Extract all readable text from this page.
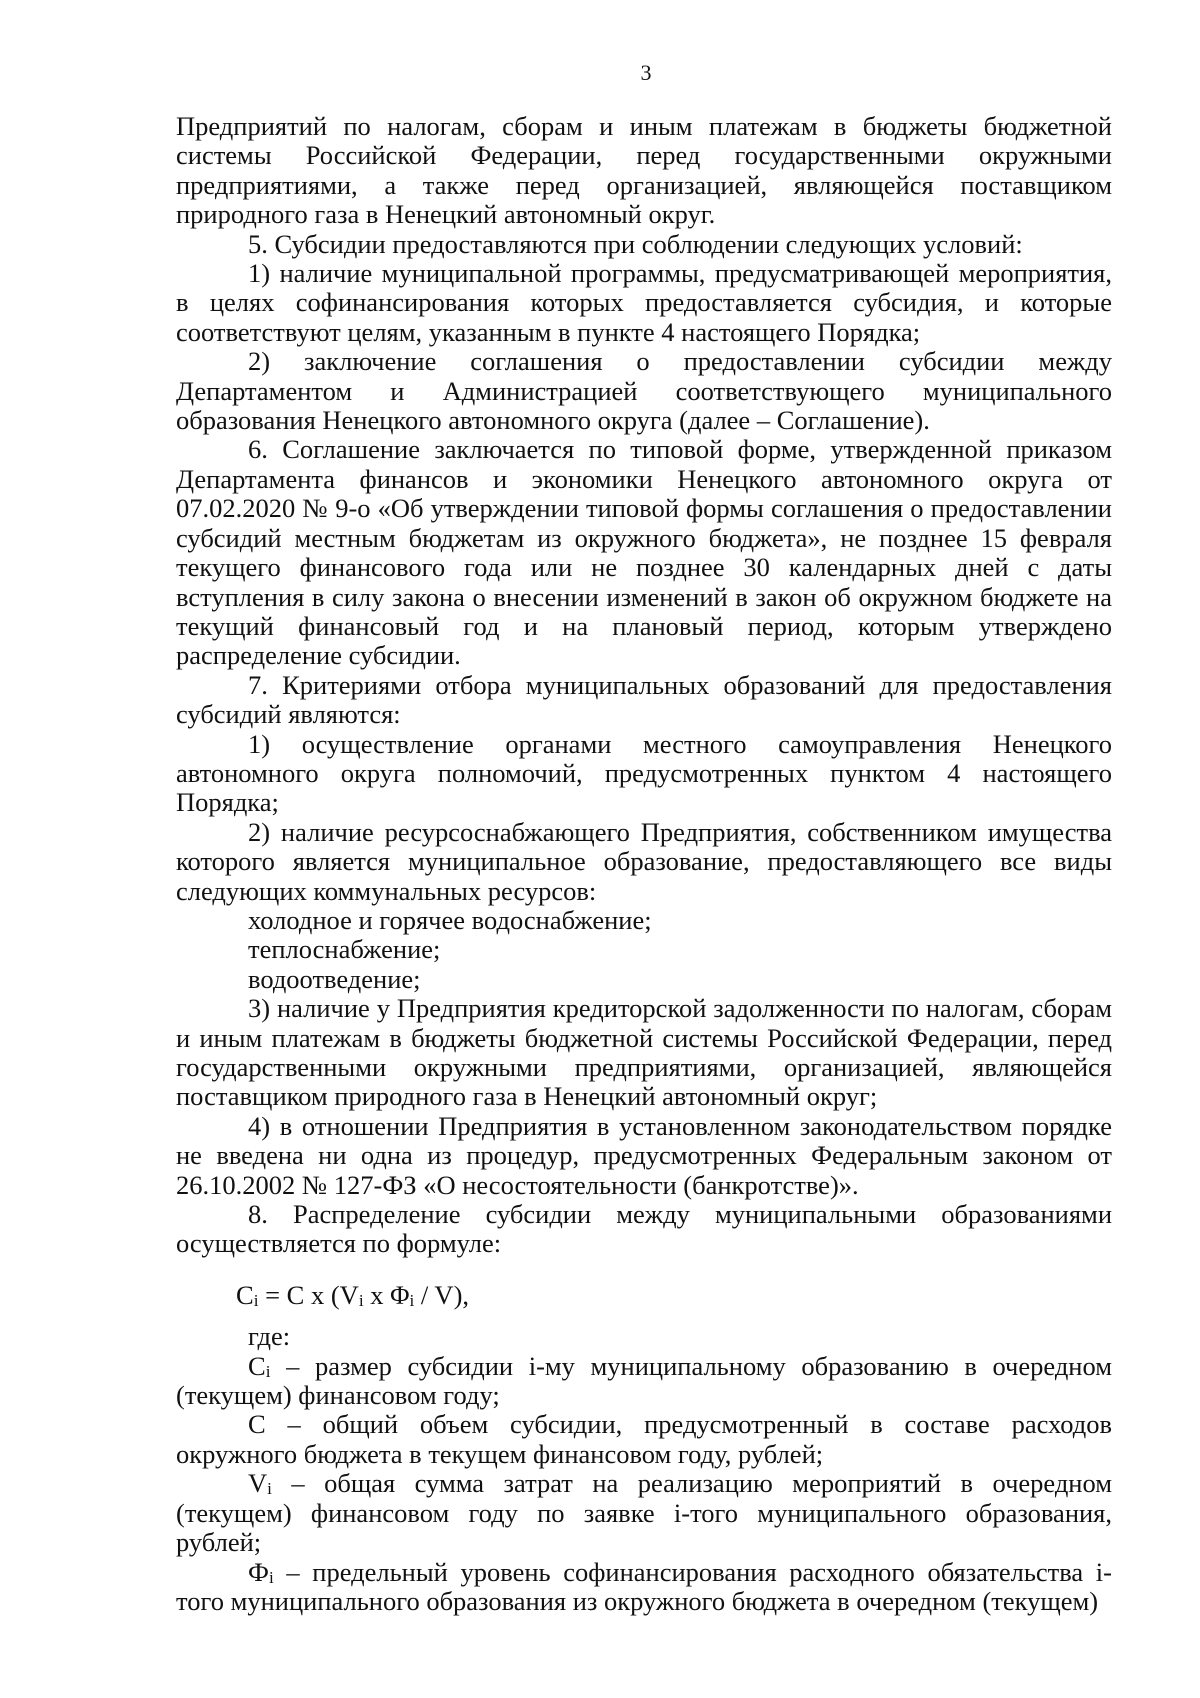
3

Предприятий по налогам, сборам и иным платежам в бюджеты бюджетной системы Российской Федерации, перед государственными окружными предприятиями, а также перед организацией, являющейся поставщиком природного газа в Ненецкий автономный округ.

5. Субсидии предоставляются при соблюдении следующих условий:

1) наличие муниципальной программы, предусматривающей мероприятия, в целях софинансирования которых предоставляется субсидия, и которые соответствуют целям, указанным в пункте 4 настоящего Порядка;

2) заключение соглашения о предоставлении субсидии между Департаментом и Администрацией соответствующего муниципального образования Ненецкого автономного округа (далее – Соглашение).

6. Соглашение заключается по типовой форме, утвержденной приказом Департамента финансов и экономики Ненецкого автономного округа от 07.02.2020 № 9-о «Об утверждении типовой формы соглашения о предоставлении субсидий местным бюджетам из окружного бюджета», не позднее 15 февраля текущего финансового года или не позднее 30 календарных дней с даты вступления в силу закона о внесении изменений в закон об окружном бюджете на текущий финансовый год и на плановый период, которым утверждено распределение субсидии.

7. Критериями отбора муниципальных образований для предоставления субсидий являются:

1) осуществление органами местного самоуправления Ненецкого автономного округа полномочий, предусмотренных пунктом 4 настоящего Порядка;

2) наличие ресурсоснабжающего Предприятия, собственником имущества которого является муниципальное образование, предоставляющего все виды следующих коммунальных ресурсов:

холодное и горячее водоснабжение;

теплоснабжение;

водоотведение;

3) наличие у Предприятия кредиторской задолженности по налогам, сборам и иным платежам в бюджеты бюджетной системы Российской Федерации, перед государственными окружными предприятиями, организацией, являющейся поставщиком природного газа в Ненецкий автономный округ;

4) в отношении Предприятия в установленном законодательством порядке не введена ни одна из процедур, предусмотренных Федеральным законом от 26.10.2002 № 127-ФЗ «О несостоятельности (банкротстве)».

8. Распределение субсидии между муниципальными образованиями осуществляется по формуле:

$C_i = C$ x ($V_i$ x $\Phi_i / V$),

где:

$С_i$ – размер субсидии i-му муниципальному образованию в очередном (текущем) финансовом году;

С – общий объем субсидии, предусмотренный в составе расходов окружного бюджета в текущем финансовом году, рублей;

$V_i$ – общая сумма затрат на реализацию мероприятий в очередном (текущем) финансовом году по заявке i-того муниципального образования, рублей;

$Ф_i$ – предельный уровень софинансирования расходного обязательства i-того муниципального образования из окружного бюджета в очередном (текущем)
